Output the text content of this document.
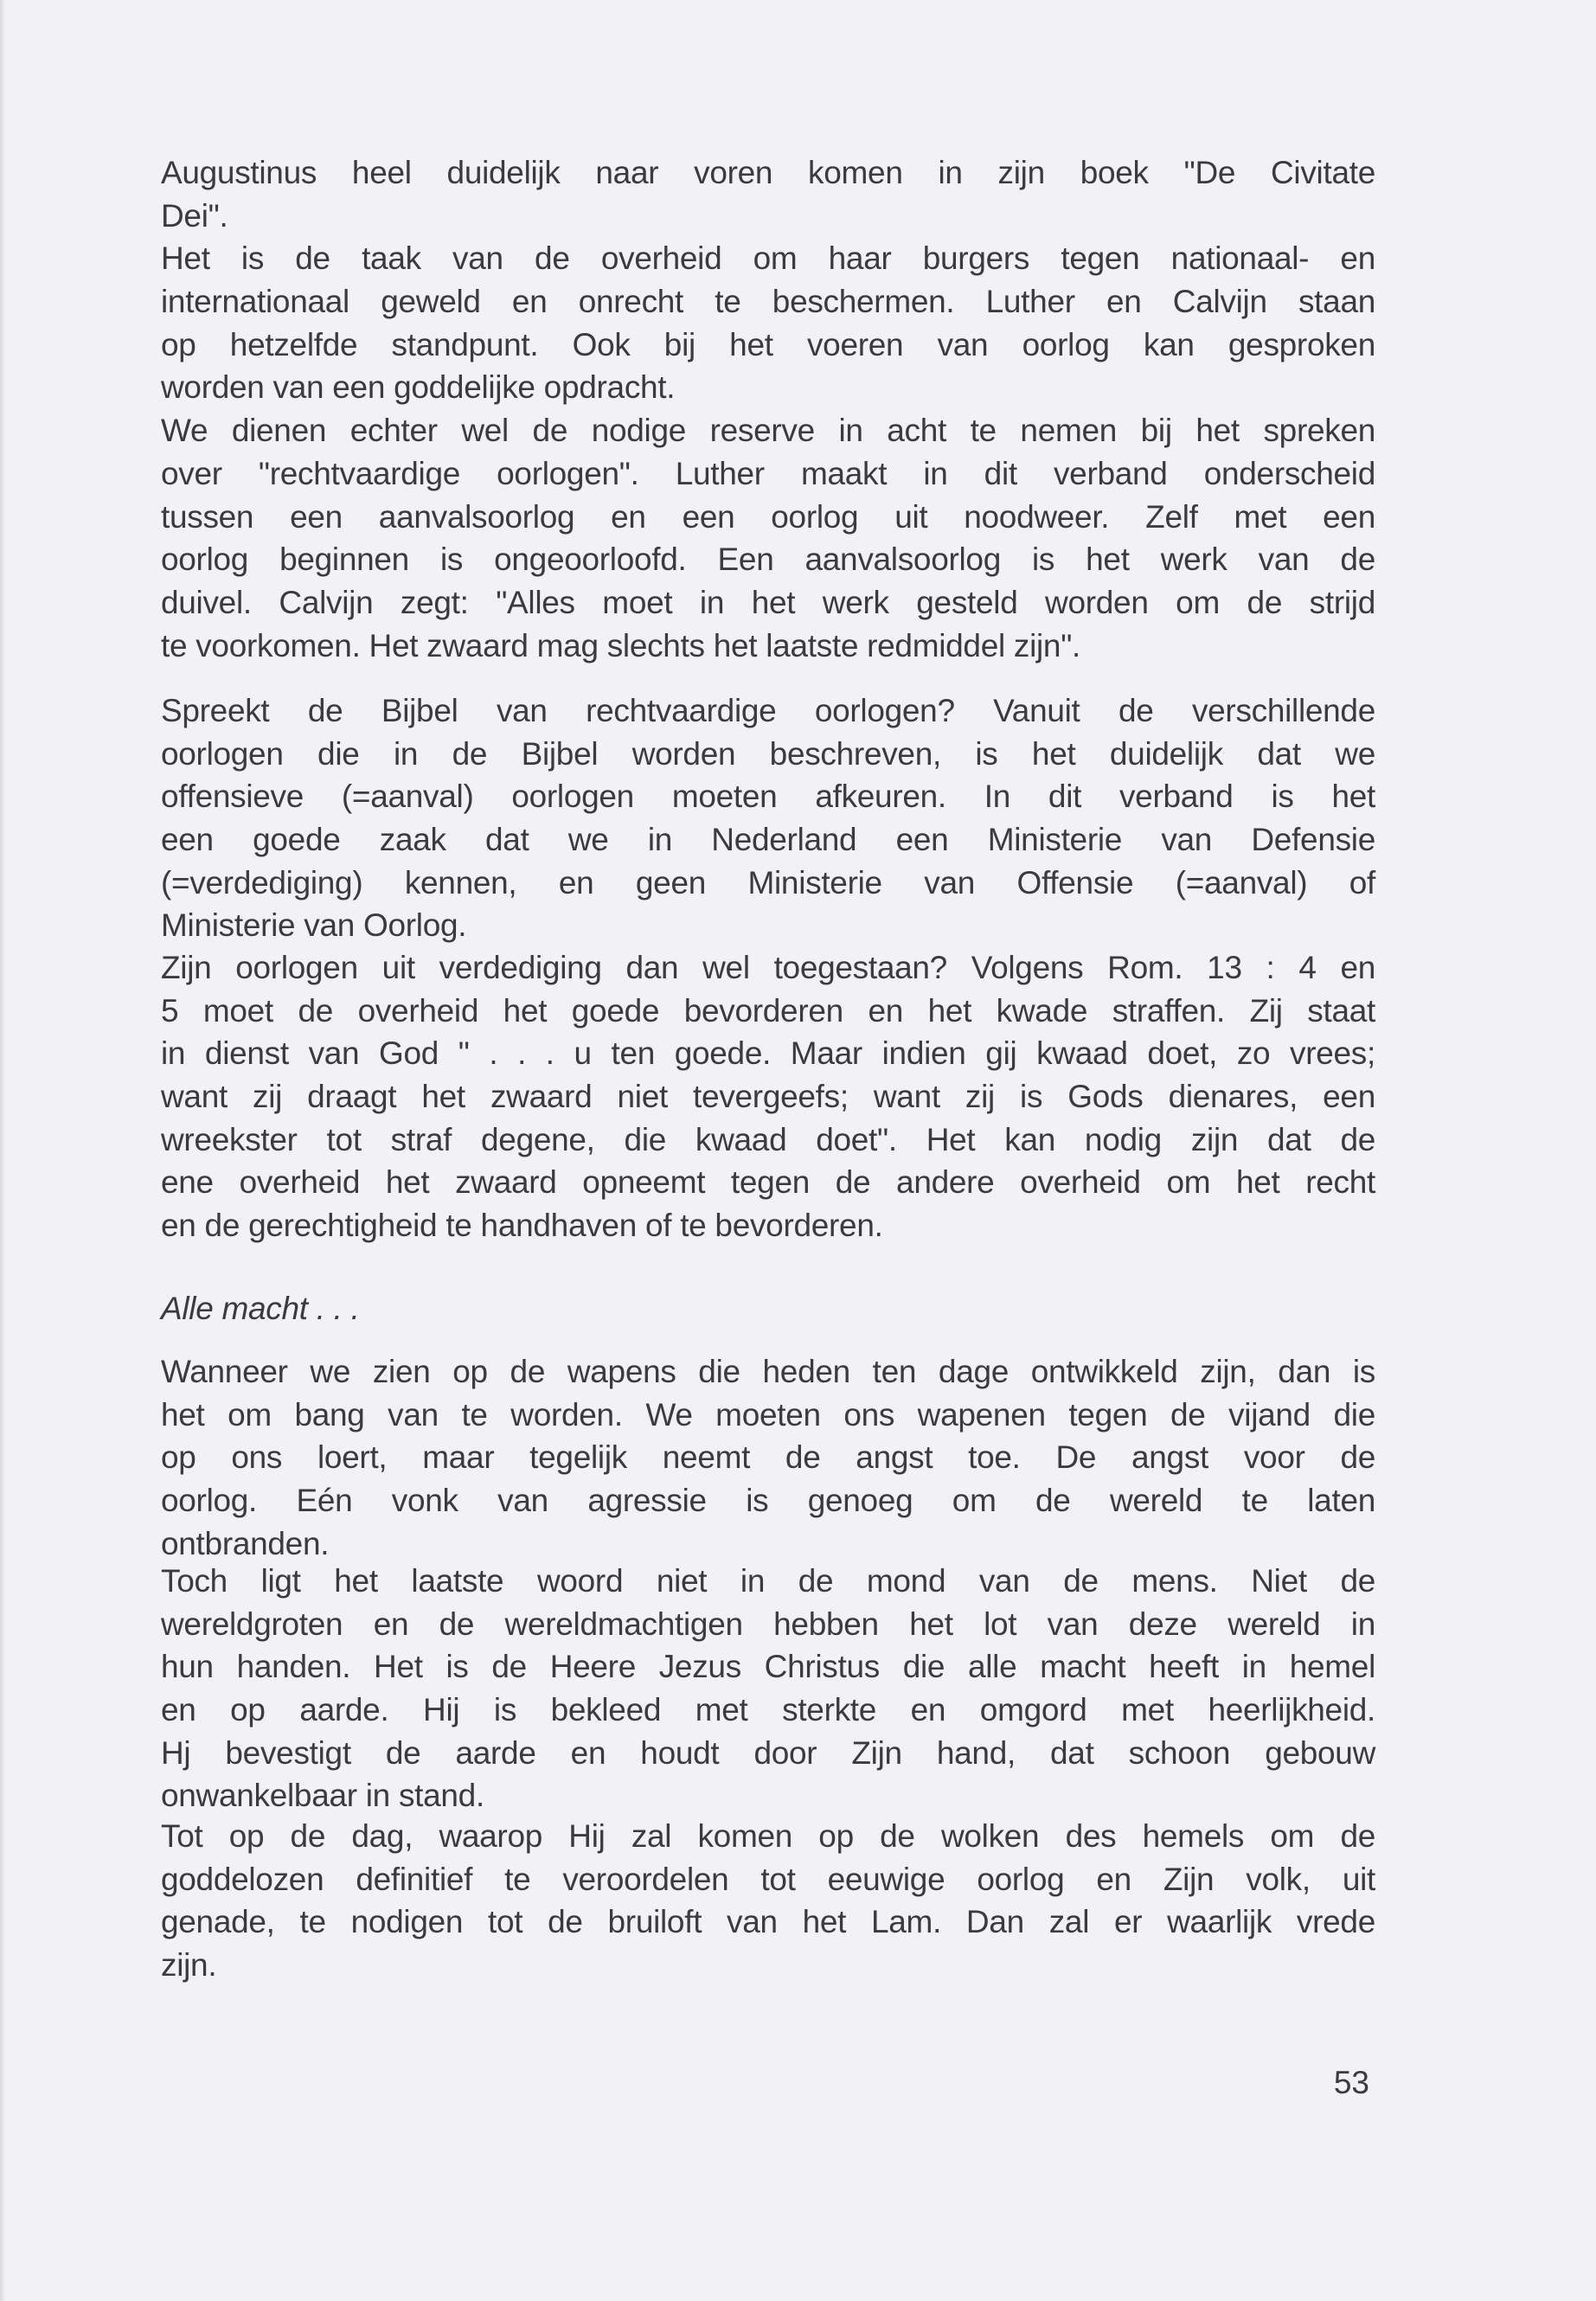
Augustinus heel duidelijk naar voren komen in zijn boek "De Civitate
Dei".
Het is de taak van de overheid om haar burgers tegen nationaal- en
internationaal geweld en onrecht te beschermen. Luther en Calvijn staan
op hetzelfde standpunt. Ook bij het voeren van oorlog kan gesproken
worden van een goddelijke opdracht.
We dienen echter wel de nodige reserve in acht te nemen bij het spreken
over "rechtvaardige oorlogen". Luther maakt in dit verband onderscheid
tussen een aanvalsoorlog en een oorlog uit noodweer. Zelf met een
oorlog beginnen is ongeoorloofd. Een aanvalsoorlog is het werk van de
duivel. Calvijn zegt: "Alles moet in het werk gesteld worden om de strijd
te voorkomen. Het zwaard mag slechts het laatste redmiddel zijn".
Spreekt de Bijbel van rechtvaardige oorlogen? Vanuit de verschillende
oorlogen die in de Bijbel worden beschreven, is het duidelijk dat we
offensieve (=aanval) oorlogen moeten afkeuren. In dit verband is het
een goede zaak dat we in Nederland een Ministerie van Defensie
(=verdediging) kennen, en geen Ministerie van Offensie (=aanval) of
Ministerie van Oorlog.
Zijn oorlogen uit verdediging dan wel toegestaan? Volgens Rom. 13 : 4 en
5 moet de overheid het goede bevorderen en het kwade straffen. Zij staat
in dienst van God " . . . u ten goede. Maar indien gij kwaad doet, zo vrees;
want zij draagt het zwaard niet tevergeefs; want zij is Gods dienares, een
wreekster tot straf degene, die kwaad doet". Het kan nodig zijn dat de
ene overheid het zwaard opneemt tegen de andere overheid om het recht
en de gerechtigheid te handhaven of te bevorderen.
Alle macht . . .
Wanneer we zien op de wapens die heden ten dage ontwikkeld zijn, dan is
het om bang van te worden. We moeten ons wapenen tegen de vijand die
op ons loert, maar tegelijk neemt de angst toe. De angst voor de
oorlog. Eén vonk van agressie is genoeg om de wereld te laten
ontbranden.
Toch ligt het laatste woord niet in de mond van de mens. Niet de
wereldgroten en de wereldmachtigen hebben het lot van deze wereld in
hun handen. Het is de Heere Jezus Christus die alle macht heeft in hemel
en op aarde. Hij is bekleed met sterkte en omgord met heerlijkheid.
Hj bevestigt de aarde en houdt door Zijn hand, dat schoon gebouw
onwankelbaar in stand.
Tot op de dag, waarop Hij zal komen op de wolken des hemels om de
goddelozen definitief te veroordelen tot eeuwige oorlog en Zijn volk, uit
genade, te nodigen tot de bruiloft van het Lam. Dan zal er waarlijk vrede
zijn.
53
